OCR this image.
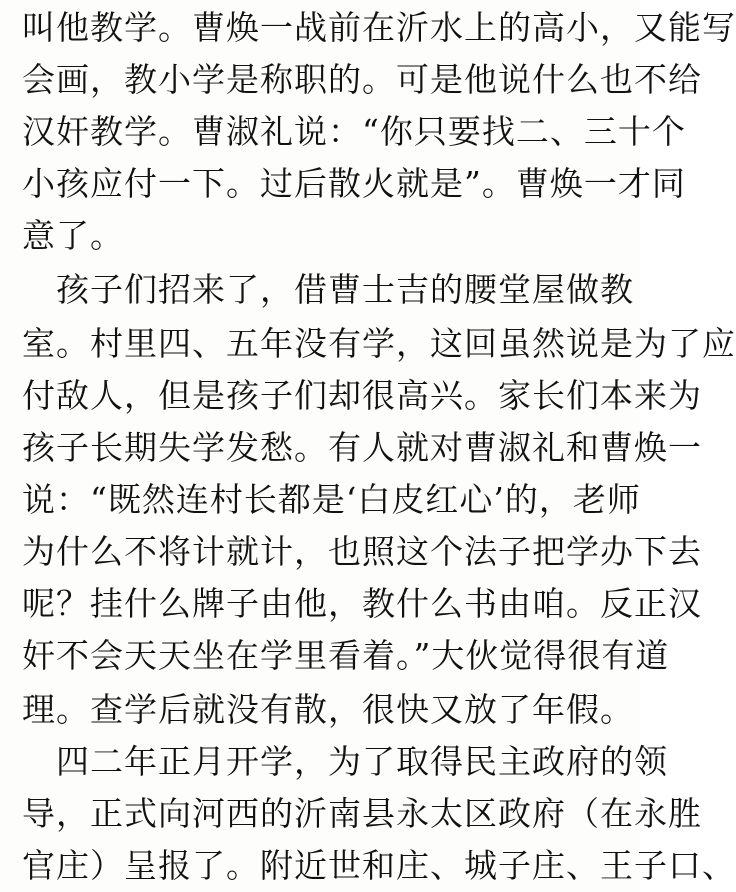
叫他教学。曹焕一战前在沂水上的高小，又能写
会画，教小学是称职的。可是他说什么也不给
汉奸教学。曹淑礼说：“你只要找二、三十个
小孩应付一下。过后散火就是”。曹焕一才同
意了。
孩子们招来了，借曹士吉的腰堂屋做教
室。村里四、五年没有学，这回虽然说是为了应
付敌人，但是孩子们却很高兴。家长们本来为
孩子长期失学发愁。有人就对曹淑礼和曹焕一
说：“既然连村长都是‘白皮红心’的，老师
为什么不将计就计，也照这个法子把学办下去
呢？挂什么牌子由他，教什么书由咱。反正汉
奸不会天天坐在学里看着。”大伙觉得很有道
理。查学后就没有散，很快又放了年假。
四二年正月开学，为了取得民主政府的领
导，正式向河西的沂南县永太区政府（在永胜
官庄）呈报了。附近世和庄、城子庄、王子口、
